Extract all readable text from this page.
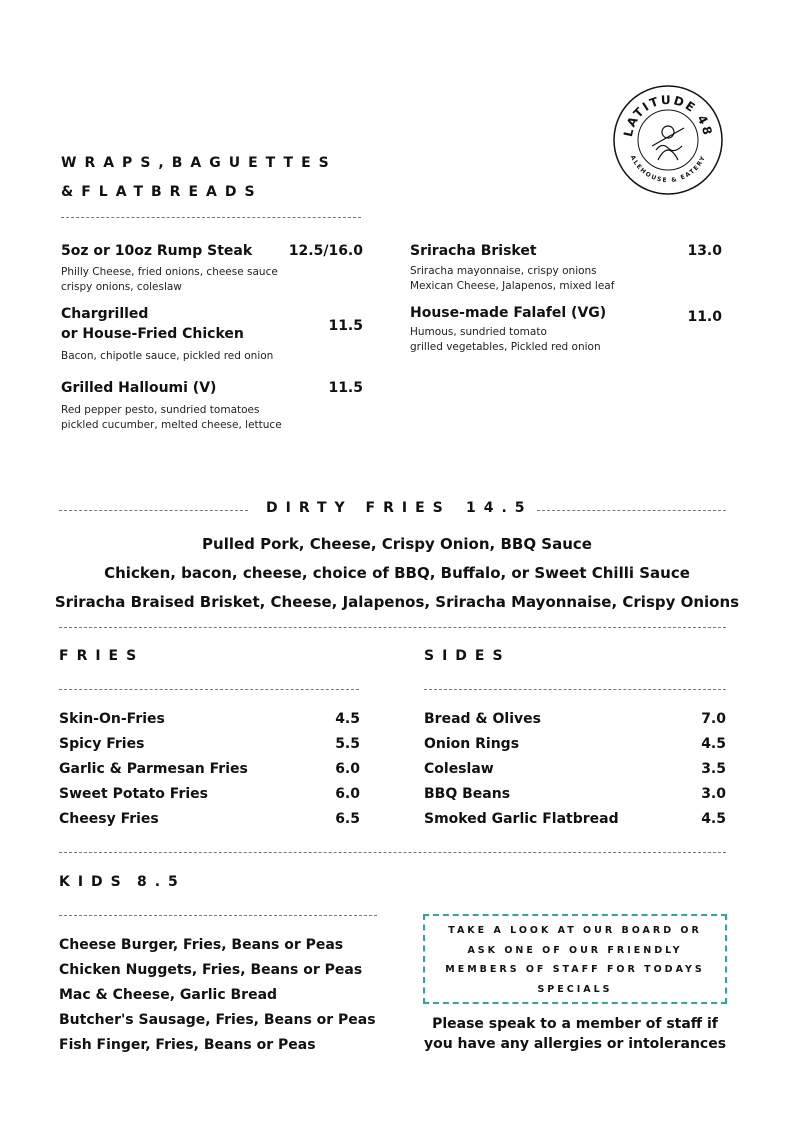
LATITUDE 48
ALEHOUSE & EATERY
WRAPS,BAGUETTES
&FLATBREADS
5oz or 10oz Rump Steak	12.5/16.0
Philly Cheese, fried onions, cheese sauce
crispy onions, coleslaw
Chargrilled
or House-Fried Chicken	11.5
Bacon, chipotle sauce, pickled red onion
Grilled Halloumi (V)	11.5
Red pepper pesto, sundried tomatoes
pickled cucumber, melted cheese, lettuce
Sriracha Brisket	13.0
Sriracha mayonnaise, crispy onions
Mexican Cheese, Jalapenos, mixed leaf
House-made Falafel (VG)	11.0
Humous, sundried tomato
grilled vegetables, Pickled red onion
DIRTY FRIES 14.5
Pulled Pork, Cheese, Crispy Onion, BBQ Sauce
Chicken, bacon, cheese, choice of BBQ, Buffalo, or Sweet Chilli Sauce
Sriracha Braised Brisket, Cheese, Jalapenos, Sriracha Mayonnaise, Crispy Onions
FRIES
Skin-On-Fries	4.5
Spicy Fries	5.5
Garlic & Parmesan Fries	6.0
Sweet Potato Fries	6.0
Cheesy Fries	6.5
SIDES
Bread & Olives	7.0
Onion Rings	4.5
Coleslaw	3.5
BBQ Beans	3.0
Smoked Garlic Flatbread	4.5
KIDS 8.5
Cheese Burger, Fries, Beans or Peas
Chicken Nuggets, Fries, Beans or Peas
Mac & Cheese, Garlic Bread
Butcher's Sausage, Fries, Beans or Peas
Fish Finger, Fries, Beans or Peas
TAKE A LOOK AT OUR BOARD OR
ASK ONE OF OUR FRIENDLY
MEMBERS OF STAFF FOR TODAYS
SPECIALS
Please speak to a member of staff if
you have any allergies or intolerances
